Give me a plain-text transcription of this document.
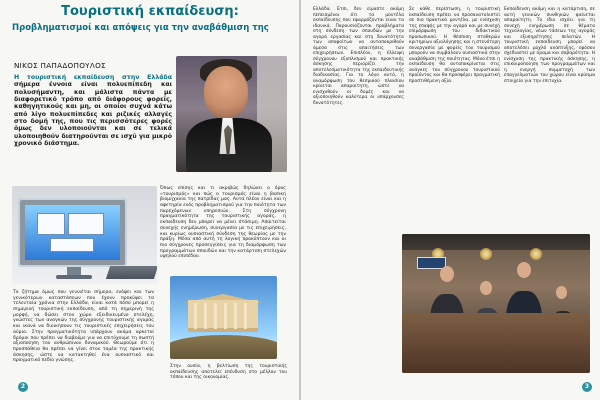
Τουριστική εκπαίδευση:
Προβληματισμοί και απόψεις για την αναβάθμιση της
ΝΙΚΟΣ ΠΑΠΑΔΟΠΟΥΛΟΣ
Η τουριστική εκπαίδευση στην Ελλάδα σήμερα έννοια είναι πολυεπίπεδη και πολυσήμαντη, και μάλιστα πάντα με διαφορετικό τρόπο από διάφορους φορείς, καθηγητικούς και μη, οι οποίοι συχνά κάτω από λίγο πολυεπίπεδες και ριζικές αλλαγές στο δομή της, που τις περισσότερες φορές όμως δεν υλοποιούνται και σε τελικά υλοποιηθούν διατηρούνται σε ισχύ για μικρό χρονικό διάστημα.
Το ζήτημα όμως που γεννιέται σήμερα, ενόψει και των γενικότερων καταστάσεων που έχουν προκύψει τα τελευταία χρόνια στην Ελλάδα, είναι κατά πόσο μπορεί η σημερινή τουριστική εκπαίδευση, από τη σημερινή της μορφή, να δώσει στον χώρο εξειδικευμένο στελέχη, γνώστες των αναγκών της σύγχρονης τουριστικής αγοράς και ικανά να διοικήσουν τις τουριστικές επιχειρήσεις του αύριο. Στην πραγματικότητα υπάρχουν ακόμα αρκετοί δρόμοι που πρέπει να διαβούμε για να επιτύχουμε τη σωστή αξιοποίηση του ανθρώπινου δυναμικού. Θεωρούμε ότι η προσπάθεια θα πρέπει να γίνει στον τομέα της πρακτικής άσκησης, ώστε να κατακτηθεί ένα ουσιαστικό και πραγματικό πεδίο γνώσης.
Όπως επίσης και τι ακριβώς δηλώνει ο όρος «τουρισμός» και πώς ο τουρισμός είναι η βασική βιομηχανία της πατρίδας μας. Αυτά πλέον είναι και η αφετηρία ενός προβληματισμού για την ποιότητα των παρεχόμενων υπηρεσιών. Στη σύγχρονη πραγματικότητα της τουριστικής αγοράς, η εκπαίδευση δεν μπορεί να μένει στάσιμη. Απαιτείται συνεχής ενημέρωση, συνεργασία με τις επιχειρήσεις, και κυρίως ουσιαστική σύνδεση της θεωρίας με την πράξη. Μέσα από αυτή τη λογική προκύπτουν και οι πιο σύγχρονες προσεγγίσεις για τη διαμόρφωση των προγραμμάτων σπουδών και την κατάρτιση στελεχών υψηλού επιπέδου.
Στην ουσία, η βελτίωση της τουριστικής εκπαίδευσης αποτελεί επένδυση στο μέλλον του τόπου και της οικονομίας.
2
Ελλάδα. Έτσι, δεν είμαστε ακόμη πεπεισμένοι ότι τα μοντέλα εκπαίδευσης που εφαρμόζονται είναι τα ιδανικά. Παρουσιάζονται προβλήματα στη σύνδεση των σπουδών με την αγορά εργασίας και στη δυνατότητα των αποφοίτων να ανταποκριθούν άμεσα στις απαιτήσεις των επιχειρήσεων. Επιπλέον, η έλλειψη σύγχρονου εξοπλισμού και πρακτικής άσκησης περιορίζει την αποτελεσματικότητα της εκπαιδευτικής διαδικασίας. Για το λόγο αυτό, η αναμόρφωση του θεσμικού πλαισίου κρίνεται απαραίτητη, ώστε να ενισχυθούν οι δομές και να αξιοποιηθούν καλύτερα οι υπάρχουσες δυνατότητες.
Σε κάθε περίπτωση, η τουριστική εκπαίδευση πρέπει να προσανατολιστεί σε πιο πρακτικά μοντέλα, με ενίσχυση της επαφής με την αγορά και με συνεχή επιμόρφωση του διδακτικού προσωπικού. Η θέσπιση σταθερών κριτηρίων αξιολόγησης και η στενότερη συνεργασία με φορείς του τουρισμού μπορούν να συμβάλουν ουσιαστικά στην αναβάθμιση της ποιότητας. Μόνο έτσι η εκπαίδευση θα ανταποκρίνεται στις ανάγκες του σύγχρονου τουριστικού προϊόντος και θα προσφέρει πραγματική προστιθέμενη αξία.
Εκπαίδευση ακόμη και η κατάρτιση, σε αυτή γενικών συνθηκών φαίνεται απαραίτητη. Το ίδιο ισχύει για τη συνεχή ενημέρωση σε θέματα τεχνολογίας, νέων τάσεων της αγοράς και εξυπηρέτησης πελατών. Η τουριστική εκπαίδευση μπορεί να αποτελέσει μοχλό ανάπτυξης, εφόσον σχεδιαστεί με όραμα και σοβαρότητα. Η ενίσχυση της πρακτικής άσκησης, η επικαιροποίηση των προγραμμάτων και η ενεργή συμμετοχή των επαγγελματιών του χώρου είναι κρίσιμα στοιχεία για την επιτυχία.
3
